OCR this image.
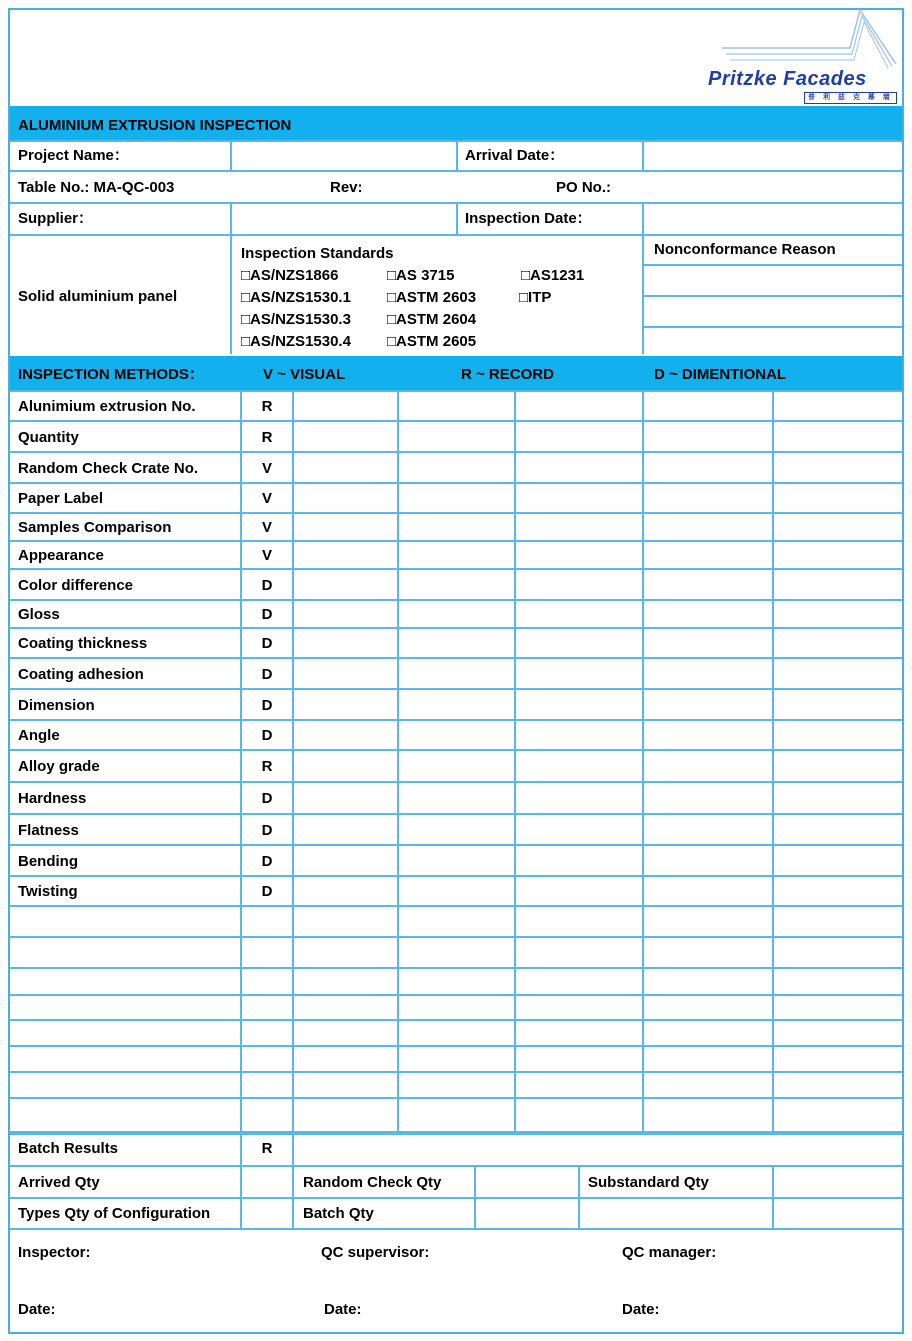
Pritzke Facades
普 利 兹 克 幕 墙
ALUMINIUM EXTRUSION INSPECTION
Project Name：	Arrival Date：
Table No.: MA-QC-003	Rev:	PO No.:
Supplier：	Inspection Date：
Solid aluminium panel
Inspection Standards
□AS/NZS1866	□AS 3715	□AS1231
□AS/NZS1530.1 □ASTM 2603	□ITP
□AS/NZS1530.3 □ASTM 2604
□AS/NZS1530.4 □ASTM 2605
Nonconformance Reason
INSPECTION METHODS：	V ~ VISUAL	R ~ RECORD	D ~ DIMENTIONAL
Alunimium extrusion No.	R
Quantity	R
Random Check Crate No.	V
Paper Label	V
Samples Comparison	V
Appearance	V
Color difference	D
Gloss	D
Coating thickness	D
Coating adhesion	D
Dimension	D
Angle	D
Alloy grade	R
Hardness	D
Flatness	D
Bending	D
Twisting	D
Batch Results	R
Arrived Qty	Random Check Qty	Substandard Qty
Types Qty of Configuration	Batch Qty
Inspector:	QC supervisor:	QC manager:
Date:	Date:	Date:
